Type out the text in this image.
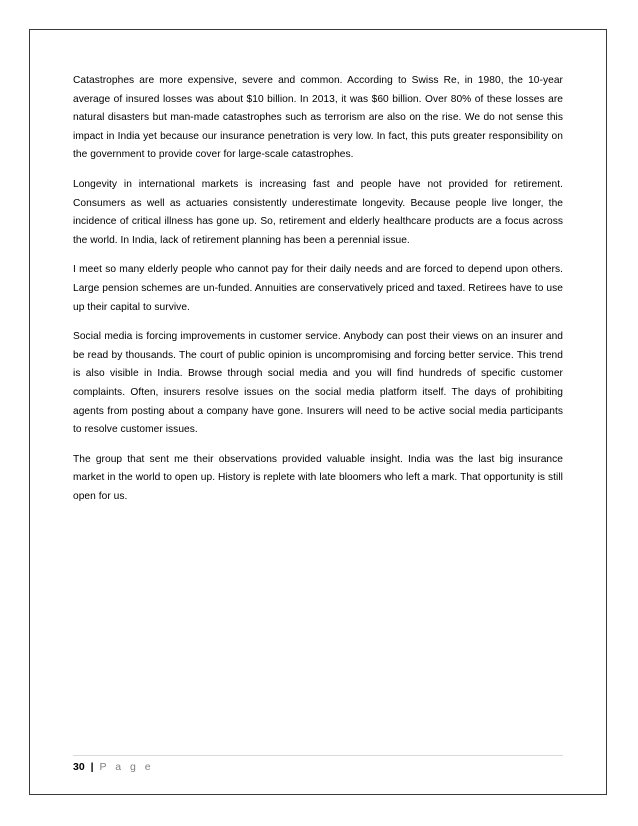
Catastrophes are more expensive, severe and common. According to Swiss Re, in 1980, the 10-year average of insured losses was about $10 billion. In 2013, it was $60 billion. Over 80% of these losses are natural disasters but man-made catastrophes such as terrorism are also on the rise. We do not sense this impact in India yet because our insurance penetration is very low. In fact, this puts greater responsibility on the government to provide cover for large-scale catastrophes.

Longevity in international markets is increasing fast and people have not provided for retirement. Consumers as well as actuaries consistently underestimate longevity. Because people live longer, the incidence of critical illness has gone up. So, retirement and elderly healthcare products are a focus across the world. In India, lack of retirement planning has been a perennial issue.

I meet so many elderly people who cannot pay for their daily needs and are forced to depend upon others. Large pension schemes are un-funded. Annuities are conservatively priced and taxed. Retirees have to use up their capital to survive.

Social media is forcing improvements in customer service. Anybody can post their views on an insurer and be read by thousands. The court of public opinion is uncompromising and forcing better service. This trend is also visible in India. Browse through social media and you will find hundreds of specific customer complaints. Often, insurers resolve issues on the social media platform itself. The days of prohibiting agents from posting about a company have gone. Insurers will need to be active social media participants to resolve customer issues.

The group that sent me their observations provided valuable insight. India was the last big insurance market in the world to open up. History is replete with late bloomers who left a mark. That opportunity is still open for us.

30 | P a g e
